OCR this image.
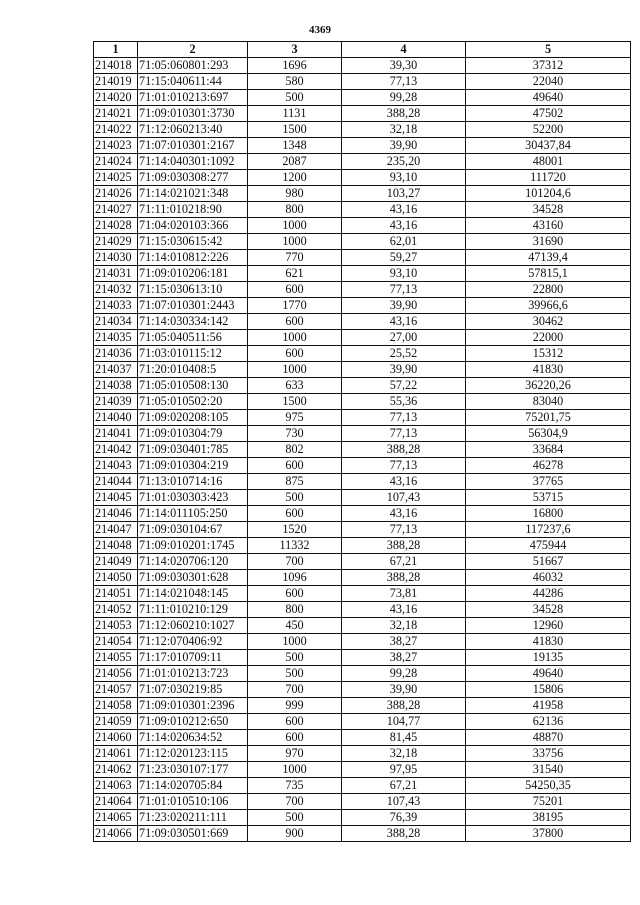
4369
1	2	3	4	5
214018	71:05:060801:293	1696	39,30	37312
214019	71:15:040611:44	580	77,13	22040
214020	71:01:010213:697	500	99,28	49640
214021	71:09:010301:3730	1131	388,28	47502
214022	71:12:060213:40	1500	32,18	52200
214023	71:07:010301:2167	1348	39,90	30437,84
214024	71:14:040301:1092	2087	235,20	48001
214025	71:09:030308:277	1200	93,10	111720
214026	71:14:021021:348	980	103,27	101204,6
214027	71:11:010218:90	800	43,16	34528
214028	71:04:020103:366	1000	43,16	43160
214029	71:15:030615:42	1000	62,01	31690
214030	71:14:010812:226	770	59,27	47139,4
214031	71:09:010206:181	621	93,10	57815,1
214032	71:15:030613:10	600	77,13	22800
214033	71:07:010301:2443	1770	39,90	39966,6
214034	71:14:030334:142	600	43,16	30462
214035	71:05:040511:56	1000	27,00	22000
214036	71:03:010115:12	600	25,52	15312
214037	71:20:010408:5	1000	39,90	41830
214038	71:05:010508:130	633	57,22	36220,26
214039	71:05:010502:20	1500	55,36	83040
214040	71:09:020208:105	975	77,13	75201,75
214041	71:09:010304:79	730	77,13	56304,9
214042	71:09:030401:785	802	388,28	33684
214043	71:09:010304:219	600	77,13	46278
214044	71:13:010714:16	875	43,16	37765
214045	71:01:030303:423	500	107,43	53715
214046	71:14:011105:250	600	43,16	16800
214047	71:09:030104:67	1520	77,13	117237,6
214048	71:09:010201:1745	11332	388,28	475944
214049	71:14:020706:120	700	67,21	51667
214050	71:09:030301:628	1096	388,28	46032
214051	71:14:021048:145	600	73,81	44286
214052	71:11:010210:129	800	43,16	34528
214053	71:12:060210:1027	450	32,18	12960
214054	71:12:070406:92	1000	38,27	41830
214055	71:17:010709:11	500	38,27	19135
214056	71:01:010213:723	500	99,28	49640
214057	71:07:030219:85	700	39,90	15806
214058	71:09:010301:2396	999	388,28	41958
214059	71:09:010212:650	600	104,77	62136
214060	71:14:020634:52	600	81,45	48870
214061	71:12:020123:115	970	32,18	33756
214062	71:23:030107:177	1000	97,95	31540
214063	71:14:020705:84	735	67,21	54250,35
214064	71:01:010510:106	700	107,43	75201
214065	71:23:020211:111	500	76,39	38195
214066	71:09:030501:669	900	388,28	37800
